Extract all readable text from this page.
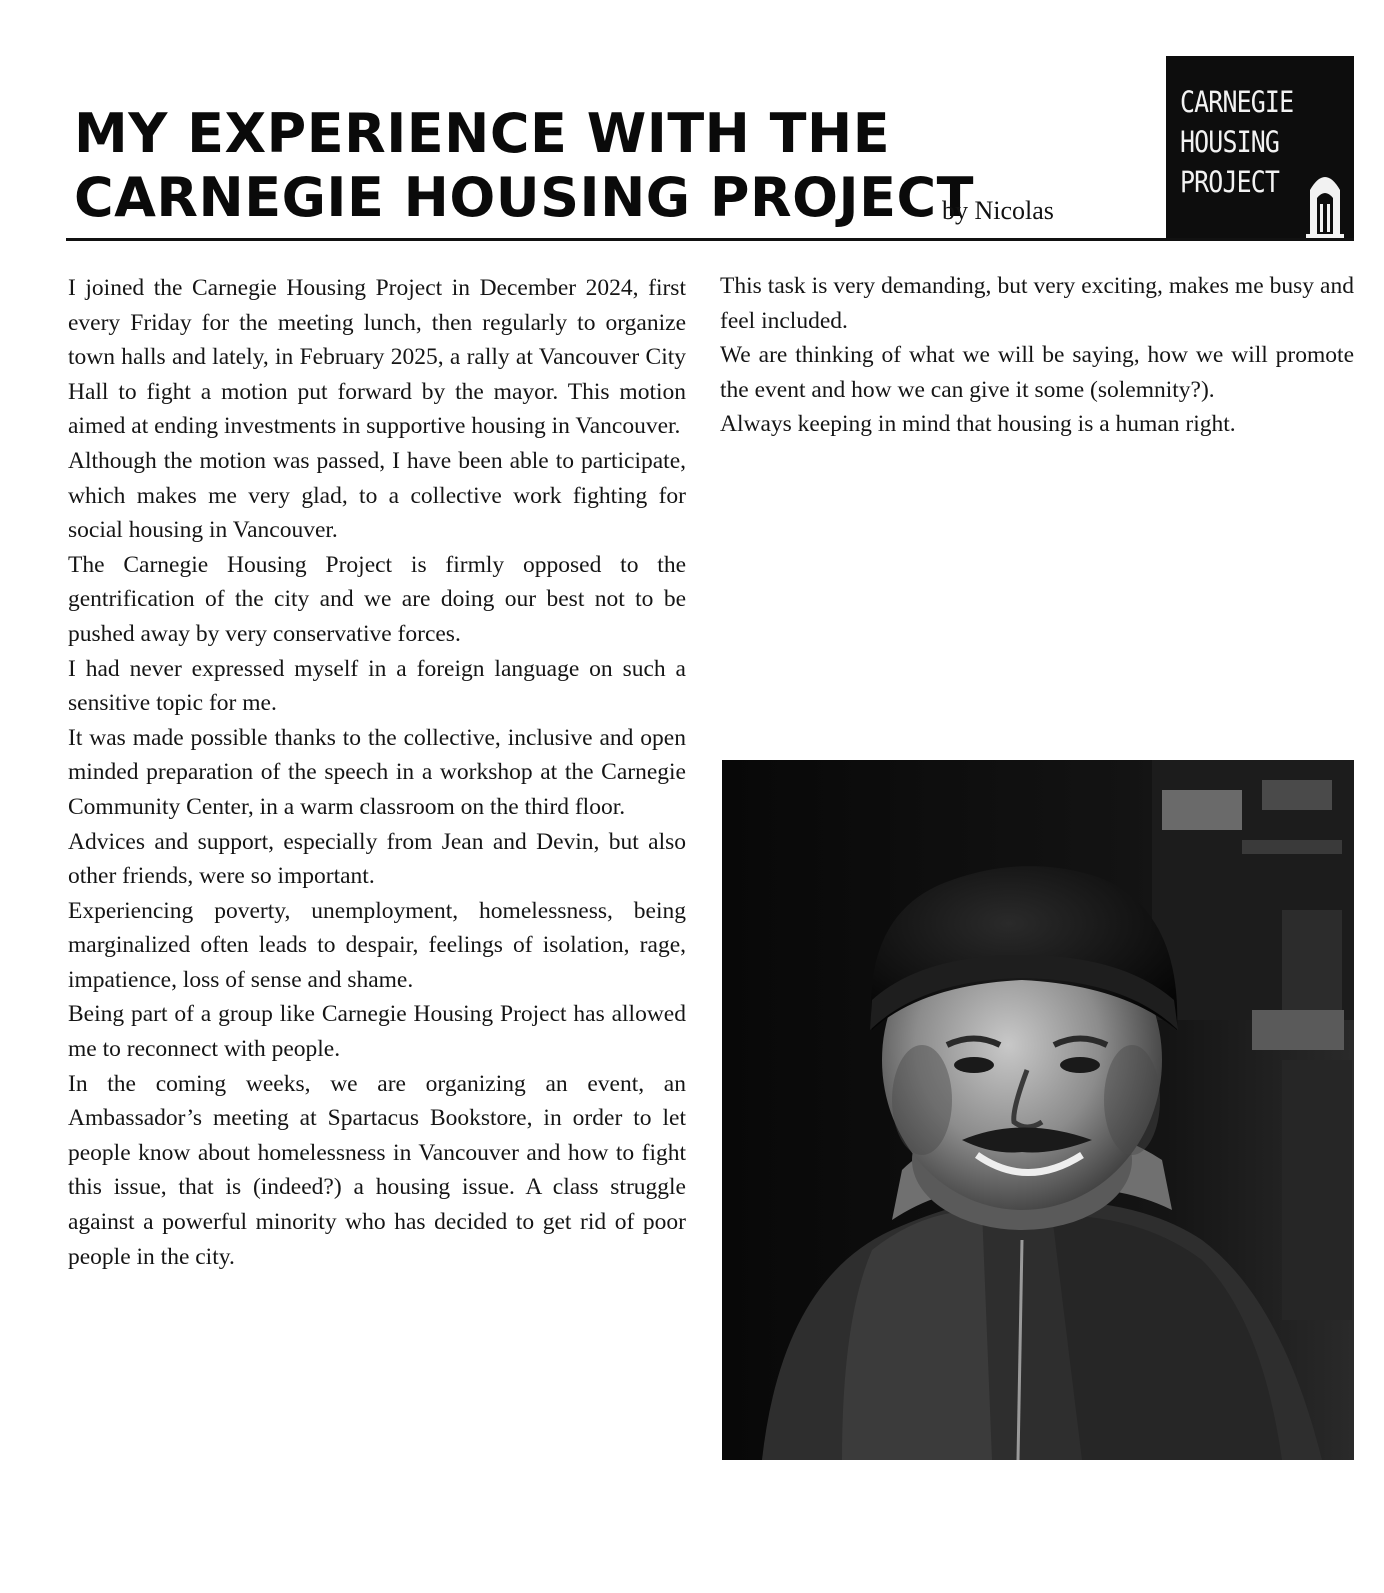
MY EXPERIENCE WITH THE
CARNEGIE HOUSING PROJECT
by Nicolas
CARNEGIE
HOUSING
PROJECT

I joined the Carnegie Housing Project in December 2024, first every Friday for the meeting lunch, then regularly to organize town halls and lately, in February 2025, a rally at Vancouver City Hall to fight a motion put forward by the mayor. This motion aimed at ending investments in supportive housing in Vancouver.

Although the motion was passed, I have been able to participate, which makes me very glad, to a collective work fighting for social housing in Vancouver.

The Carnegie Housing Project is firmly opposed to the gentrification of the city and we are doing our best not to be pushed away by very conservative forces.

I had never expressed myself in a foreign language on such a sensitive topic for me.

It was made possible thanks to the collective, inclusive and open minded preparation of the speech in a workshop at the Carnegie Community Center, in a warm classroom on the third floor.

Advices and support, especially from Jean and Devin, but also other friends, were so important.

Experiencing poverty, unemployment, homelessness, being marginalized often leads to despair, feelings of isolation, rage, impatience, loss of sense and shame.

Being part of a group like Carnegie Housing Project has allowed me to reconnect with people.

In the coming weeks, we are organizing an event, an Ambassador’s meeting at Spartacus Bookstore, in order to let people know about homelessness in Vancouver and how to fight this issue, that is (indeed?) a housing issue. A class struggle against a powerful minority who has decided to get rid of poor people in the city.

This task is very demanding, but very exciting, makes me busy and feel included.

We are thinking of what we will be saying, how we will promote the event and how we can give it some (solemnity?).

Always keeping in mind that housing is a human right.
